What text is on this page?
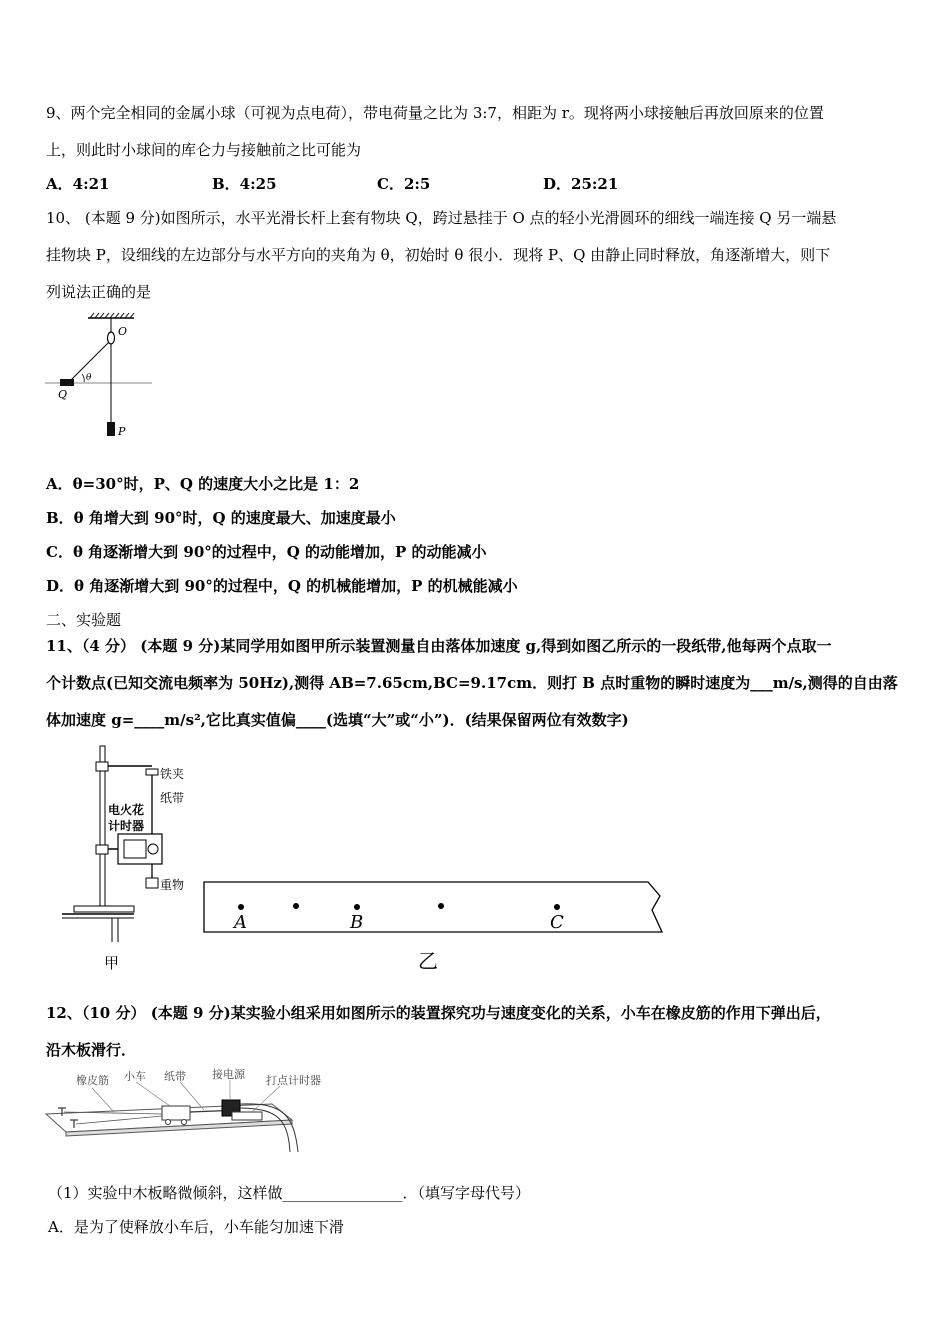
9、两个完全相同的金属小球（可视为点电荷），带电荷量之比为 3:7，相距为 r。现将两小球接触后再放回原来的位置
上，则此时小球间的库仑力与接触前之比可能为
A．4:21	B．4:25	C．2:5	D．25:21
10、 (本题 9 分)如图所示，水平光滑长杆上套有物块 Q，跨过悬挂于 O 点的轻小光滑圆环的细线一端连接 Q 另一端悬
挂物块 P，设细线的左边部分与水平方向的夹角为 θ，初始时 θ 很小．现将 P、Q 由静止同时释放，角逐渐增大，则下
列说法正确的是
O
θ
Q
P
A．θ=30°时，P、Q 的速度大小之比是 1：2
B．θ 角增大到 90°时，Q 的速度最大、加速度最小
C．θ 角逐渐增大到 90°的过程中，Q 的动能增加，P 的动能减小
D．θ 角逐渐增大到 90°的过程中，Q 的机械能增加，P 的机械能减小
二、实验题
11、（4 分） (本题 9 分)某同学用如图甲所示装置测量自由落体加速度 g,得到如图乙所示的一段纸带,他每两个点取一
个计数点(已知交流电频率为 50Hz),测得 AB=7.65cm,BC=9.17cm．则打 B 点时重物的瞬时速度为___m/s,测得的自由落
体加速度 g=____m/s²,它比真实值偏____(选填“大”或“小”)．(结果保留两位有效数字)
铁夹
纸带
电火花
计时器
重物
甲
A	B	C
乙
12、（10 分） (本题 9 分)某实验小组采用如图所示的装置探究功与速度变化的关系，小车在橡皮筋的作用下弹出后，
沿木板滑行．
橡皮筋 小车 纸带 接电源 打点计时器
（1）实验中木板略微倾斜，这样做________________．（填写字母代号）
A．是为了使释放小车后，小车能匀加速下滑
